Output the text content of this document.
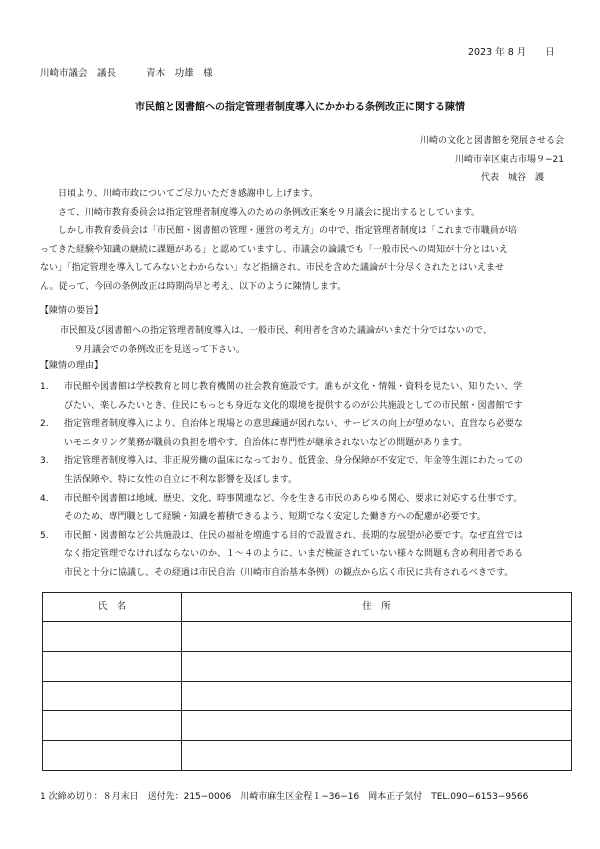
2023 年 8 月　　日
川崎市議会　議長	青木　功雄　様
市民館と図書館への指定管理者制度導入にかかわる条例改正に関する陳情
川崎の文化と図書館を発展させる会
川崎市幸区東古市場９−21
代表　城谷　護

日頃より、川崎市政についてご尽力いただき感謝申し上げます。

さて、川崎市教育委員会は指定管理者制度導入のための条例改正案を９月議会に提出するとしています。

しかし市教育委員会は「市民館・図書館の管理・運営の考え方」の中で、指定管理者制度は「これまで市職員が培

ってきた経験や知識の継続に課題がある」と認めていますし、市議会の論議でも「一般市民への周知が十分とはいえ

ない」「指定管理を導入してみないとわからない」など指摘され、市民を含めた議論が十分尽くされたとはいえませ

ん。従って、今回の条例改正は時期尚早と考え、以下のように陳情します。

【陳情の要旨】
市民館及び図書館への指定管理者制度導入は、一般市民、利用者を含めた議論がいまだ十分ではないので、
９月議会での条例改正を見送って下さい。
【陳情の理由】
1. 市民館や図書館は学校教育と同じ教育機関の社会教育施設です。誰もが文化・情報・資料を見たい、知りたい、学
びたい、楽しみたいとき、住民にもっとも身近な文化的環境を提供するのが公共施設としての市民館・図書館です
2. 指定管理者制度導入により、自治体と現場との意思疎通が図れない、サービスの向上が望めない、直営なら必要な
いモニタリング業務が職員の負担を増やす、自治体に専門性が継承されないなどの問題があります。
3. 指定管理者制度導入は、非正規労働の温床になっており、低賃金、身分保障が不安定で、年金等生涯にわたっての
生活保障や、特に女性の自立に不利な影響を及ぼします。
4. 市民館や図書館は地域、歴史、文化、時事関連など、今を生きる市民のあらゆる関心、要求に対応する仕事です。
そのため、専門職として経験・知識を蓄積できるよう、短期でなく安定した働き方への配慮が必要です。
5. 市民館・図書館など公共施設は、住民の福祉を増進する目的で設置され、長期的な展望が必要です。なぜ直営では
なく指定管理でなければならないのか、１〜４のように、いまだ検証されていない様々な問題も含め利用者である
市民と十分に協議し、その経過は市民自治（川崎市自治基本条例）の観点から広く市民に共有されるべきです。
氏　名	住　所

1 次締め切り：８月末日　送付先：215−0006　川崎市麻生区金程１−36−16　岡本正子気付　TEL.090−6153−9566
